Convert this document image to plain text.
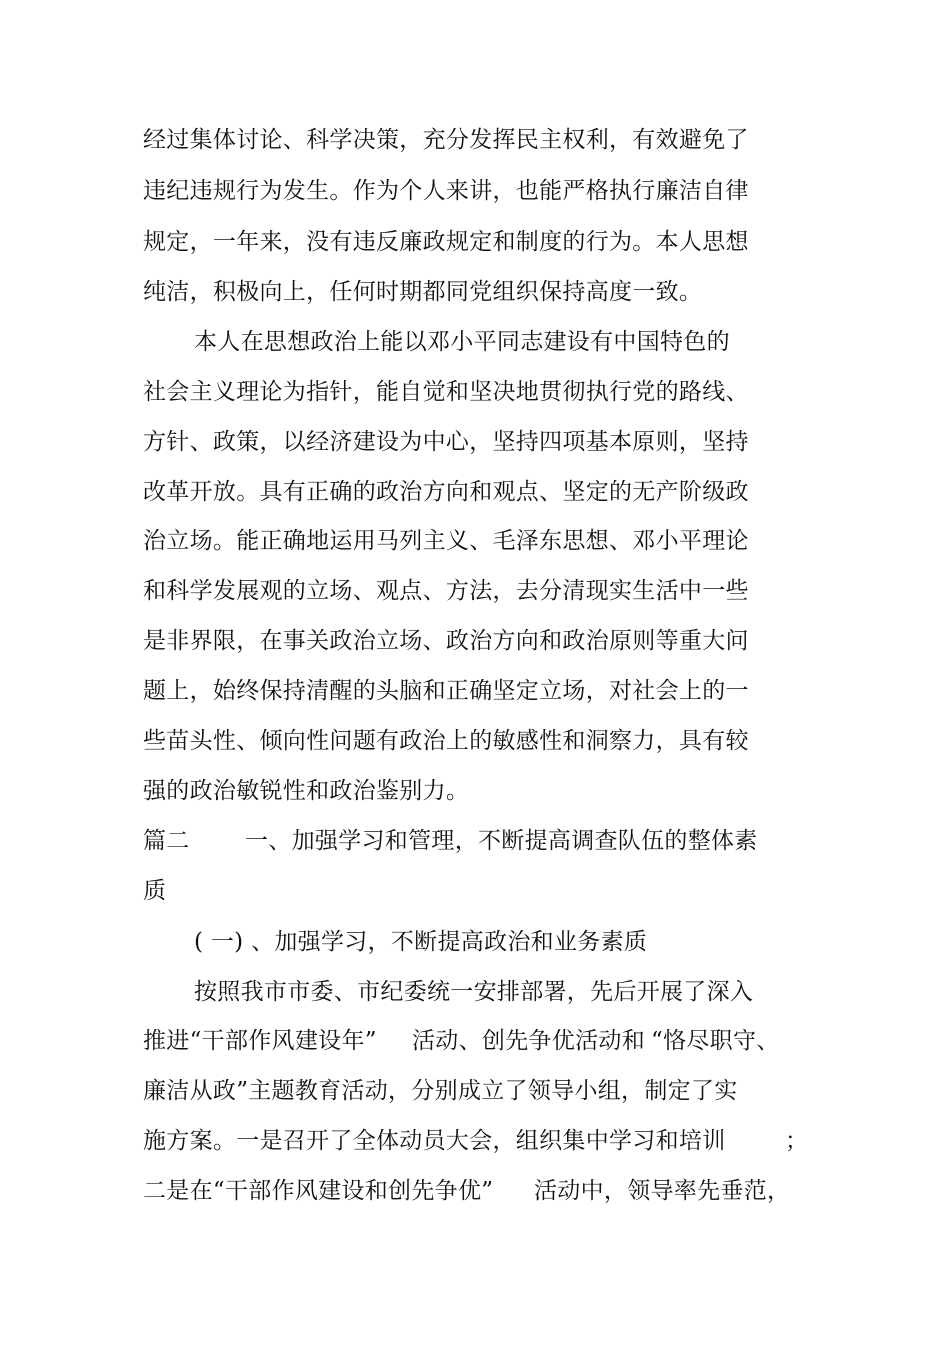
经过集体讨论、科学决策，充分发挥民主权利，有效避免了
违纪违规行为发生。作为个人来讲，也能严格执行廉洁自律
规定，一年来，没有违反廉政规定和制度的行为。本人思想
纯洁，积极向上，任何时期都同党组织保持高度一致。
本人在思想政治上能以邓小平同志建设有中国特色的
社会主义理论为指针，能自觉和坚决地贯彻执行党的路线、
方针、政策，以经济建设为中心，坚持四项基本原则，坚持
改革开放。具有正确的政治方向和观点、坚定的无产阶级政
治立场。能正确地运用马列主义、毛泽东思想、邓小平理论
和科学发展观的立场、观点、方法，去分清现实生活中一些
是非界限，在事关政治立场、政治方向和政治原则等重大问
题上，始终保持清醒的头脑和正确坚定立场，对社会上的一
些苗头性、倾向性问题有政治上的敏感性和洞察力，具有较
强的政治敏锐性和政治鉴别力。
篇二 一、加强学习和管理，不断提高调查队伍的整体素
质
( 一) 、加强学习，不断提高政治和业务素质
按照我市市委、市纪委统一安排部署，先后开展了深入
推进“干部作风建设年” 活动、创先争优活动和 “恪尽职守、
廉洁从政”主题教育活动，分别成立了领导小组，制定了实
施方案。一是召开了全体动员大会，组织集中学习和培训	；
二是在“干部作风建设和创先争优” 活动中，领导率先垂范，
